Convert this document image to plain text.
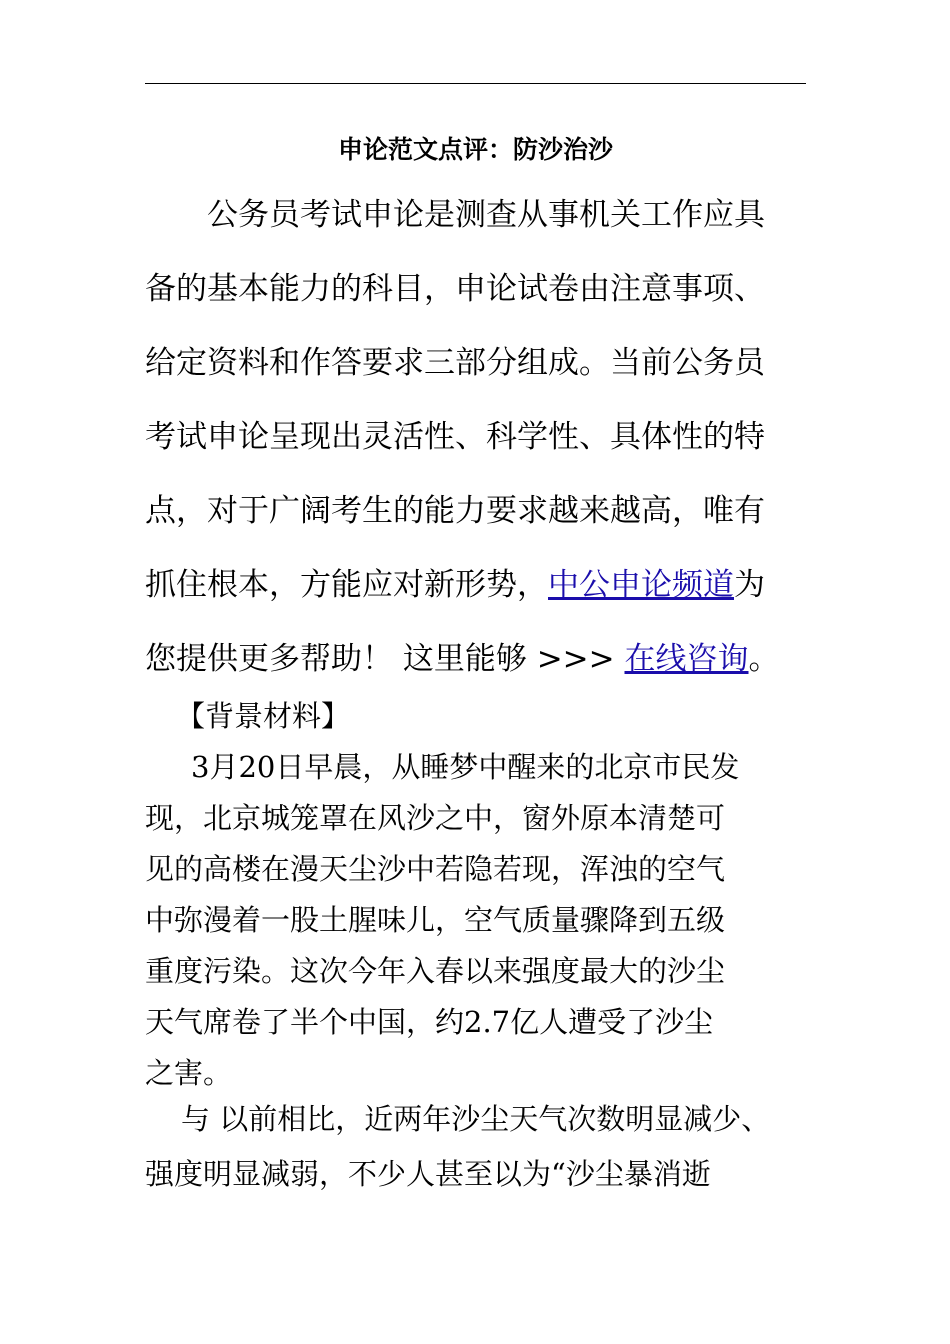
申论范文点评：防沙治沙
公务员考试申论是测查从事机关工作应具
备的基本能力的科目，申论试卷由注意事项、
给定资料和作答要求三部分组成。当前公务员
考试申论呈现出灵活性、科学性、具体性的特
点，对于广阔考生的能力要求越来越高，唯有
抓住根本，方能应对新形势，中公申论频道为
您提供更多帮助！ 这里能够 >>> 在线咨询。
【背景材料】
3月20日早晨，从睡梦中醒来的北京市民发
现，北京城笼罩在风沙之中，窗外原本清楚可
见的高楼在漫天尘沙中若隐若现，浑浊的空气
中弥漫着一股土腥味儿，空气质量骤降到五级
重度污染。这次今年入春以来强度最大的沙尘
天气席卷了半个中国，约2.7亿人遭受了沙尘
之害。
与 以前相比，近两年沙尘天气次数明显减少、
强度明显减弱，不少人甚至以为“沙尘暴消逝
